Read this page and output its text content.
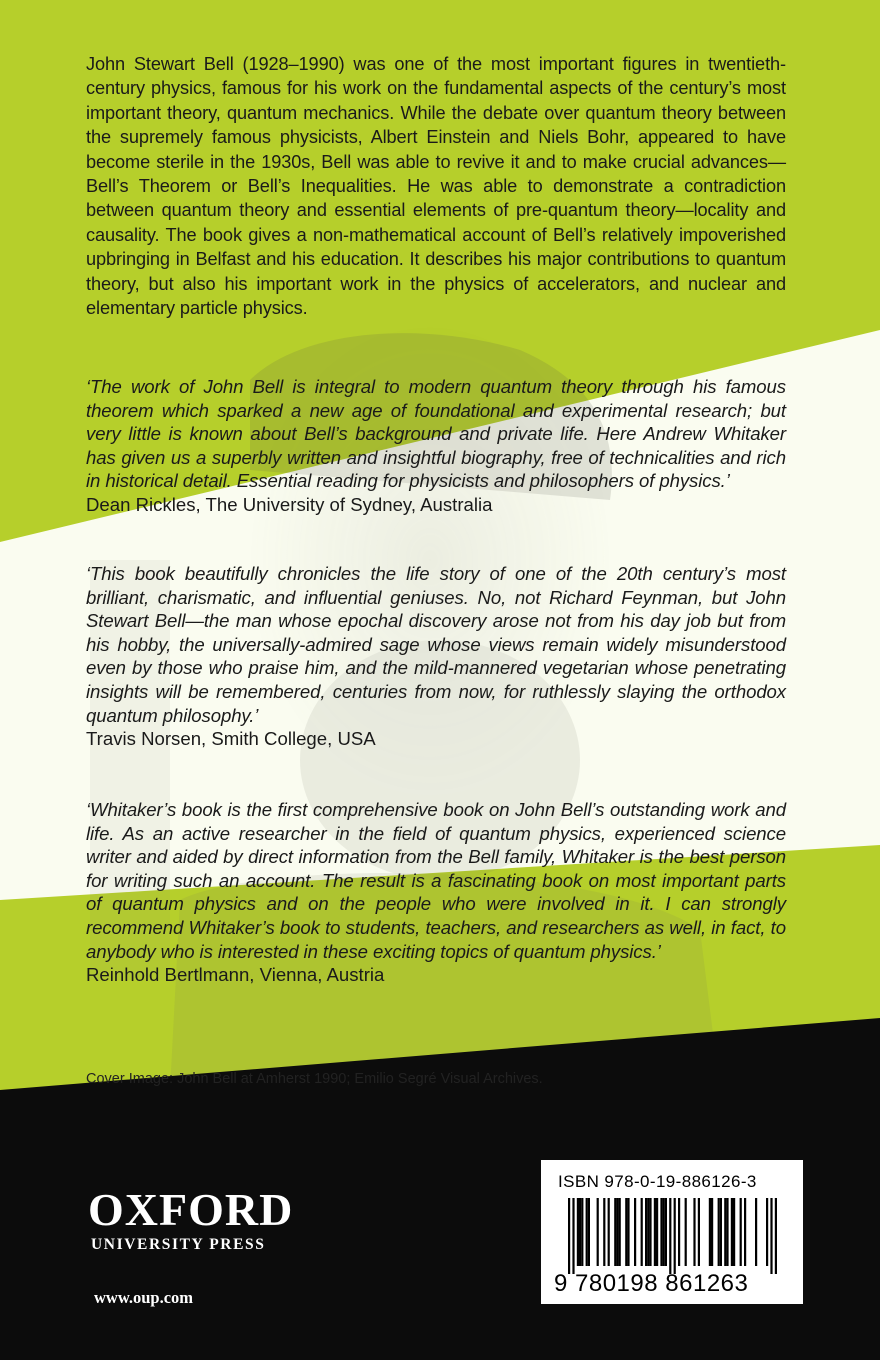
John Stewart Bell (1928–1990) was one of the most important figures in twentieth-century physics, famous for his work on the fundamental aspects of the century’s most important theory, quantum mechanics. While the debate over quantum theory between the supremely famous physicists, Albert Einstein and Niels Bohr, appeared to have become sterile in the 1930s, Bell was able to revive it and to make crucial advances—Bell’s Theorem or Bell’s Inequalities. He was able to demonstrate a contradiction between quantum theory and essential elements of pre-quantum theory—locality and causality. The book gives a non-mathematical account of Bell’s relatively impoverished upbringing in Belfast and his education. It describes his major contributions to quantum theory, but also his important work in the physics of accelerators, and nuclear and elementary particle physics.

‘The work of John Bell is integral to modern quantum theory through his famous theorem which sparked a new age of foundational and experimental research; but very little is known about Bell’s background and private life. Here Andrew Whitaker has given us a superbly written and insightful biography, free of technicalities and rich in historical detail. Essential reading for physicists and philosophers of physics.’

Dean Rickles, The University of Sydney, Australia

‘This book beautifully chronicles the life story of one of the 20th century’s most brilliant, charismatic, and influential geniuses. No, not Richard Feynman, but John Stewart Bell—the man whose epochal discovery arose not from his day job but from his hobby, the universally-admired sage whose views remain widely misunderstood even by those who praise him, and the mild-mannered vegetarian whose penetrating insights will be remembered, centuries from now, for ruthlessly slaying the orthodox quantum philosophy.’

Travis Norsen, Smith College, USA

‘Whitaker’s book is the first comprehensive book on John Bell’s outstanding work and life. As an active researcher in the field of quantum physics, experienced science writer and aided by direct information from the Bell family, Whitaker is the best person for writing such an account. The result is a fascinating book on most important parts of quantum physics and on the people who were involved in it. I can strongly recommend Whitaker’s book to students, teachers, and researchers as well, in fact, to anybody who is interested in these exciting topics of quantum physics.’

Reinhold Bertlmann, Vienna, Austria

Cover Image: John Bell at Amherst 1990; Emilio Segré Visual Archives.
OXFORD
UNIVERSITY PRESS
www.oup.com
ISBN 978-0-19-886126-3
9 780198 861263
